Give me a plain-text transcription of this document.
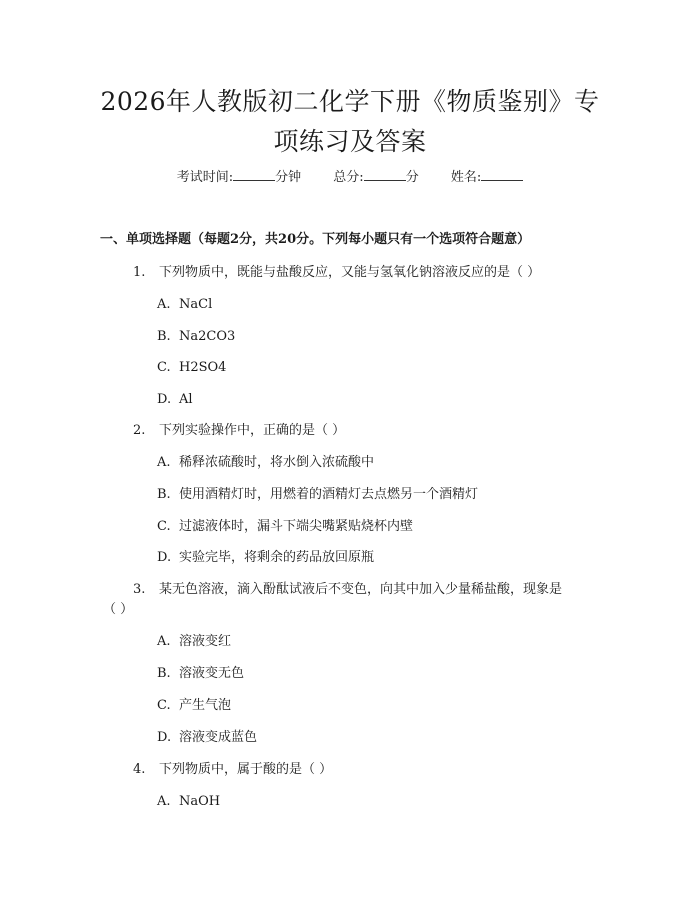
2026年人教版初二化学下册《物质鉴别》专
项练习及答案
考试时间:	分钟 总分:	分 姓名:
一、单项选择题（每题2分，共20分。下列每小题只有一个选项符合题意）
1. 下列物质中，既能与盐酸反应，又能与氢氧化钠溶液反应的是（ ）
A. NaCl
B. Na2CO3
C. H2SO4
D. Al
2. 下列实验操作中，正确的是（ ）
A. 稀释浓硫酸时，将水倒入浓硫酸中
B. 使用酒精灯时，用燃着的酒精灯去点燃另一个酒精灯
C. 过滤液体时，漏斗下端尖嘴紧贴烧杯内壁
D. 实验完毕，将剩余的药品放回原瓶
3. 某无色溶液，滴入酚酞试液后不变色，向其中加入少量稀盐酸，现象是
（ ）
A. 溶液变红
B. 溶液变无色
C. 产生气泡
D. 溶液变成蓝色
4. 下列物质中，属于酸的是（ ）
A. NaOH
